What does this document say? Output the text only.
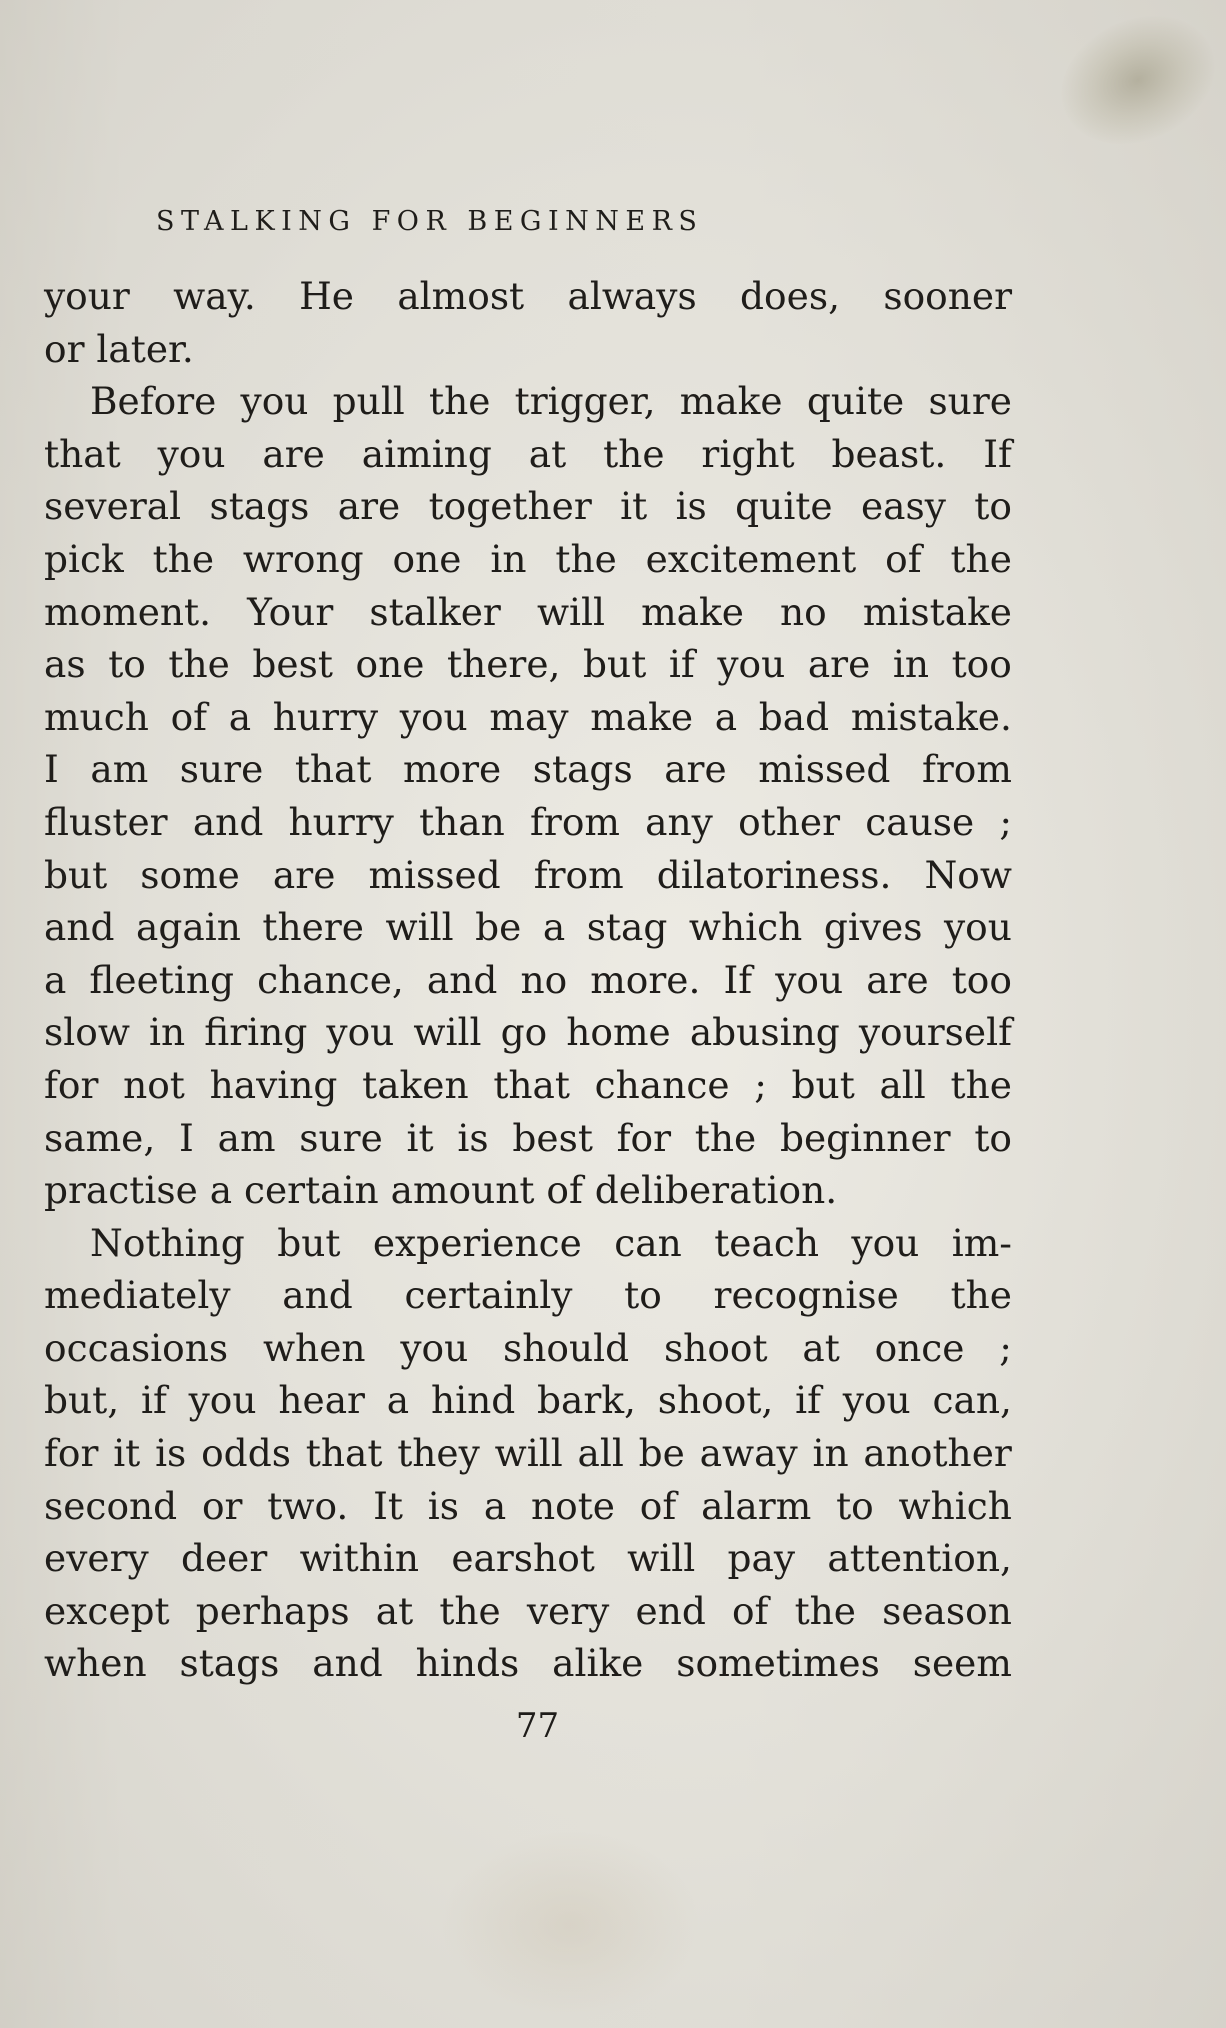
STALKING FOR BEGINNERS
your way. He almost always does, sooner
or later.
Before you pull the trigger, make quite sure
that you are aiming at the right beast. If
several stags are together it is quite easy to
pick the wrong one in the excitement of the
moment. Your stalker will make no mistake
as to the best one there, but if you are in too
much of a hurry you may make a bad mistake.
I am sure that more stags are missed from
fluster and hurry than from any other cause ;
but some are missed from dilatoriness. Now
and again there will be a stag which gives you
a fleeting chance, and no more. If you are too
slow in firing you will go home abusing yourself
for not having taken that chance ; but all the
same, I am sure it is best for the beginner to
practise a certain amount of deliberation.
Nothing but experience can teach you im-
mediately and certainly to recognise the
occasions when you should shoot at once ;
but, if you hear a hind bark, shoot, if you can,
for it is odds that they will all be away in another
second or two. It is a note of alarm to which
every deer within earshot will pay attention,
except perhaps at the very end of the season
when stags and hinds alike sometimes seem
77
